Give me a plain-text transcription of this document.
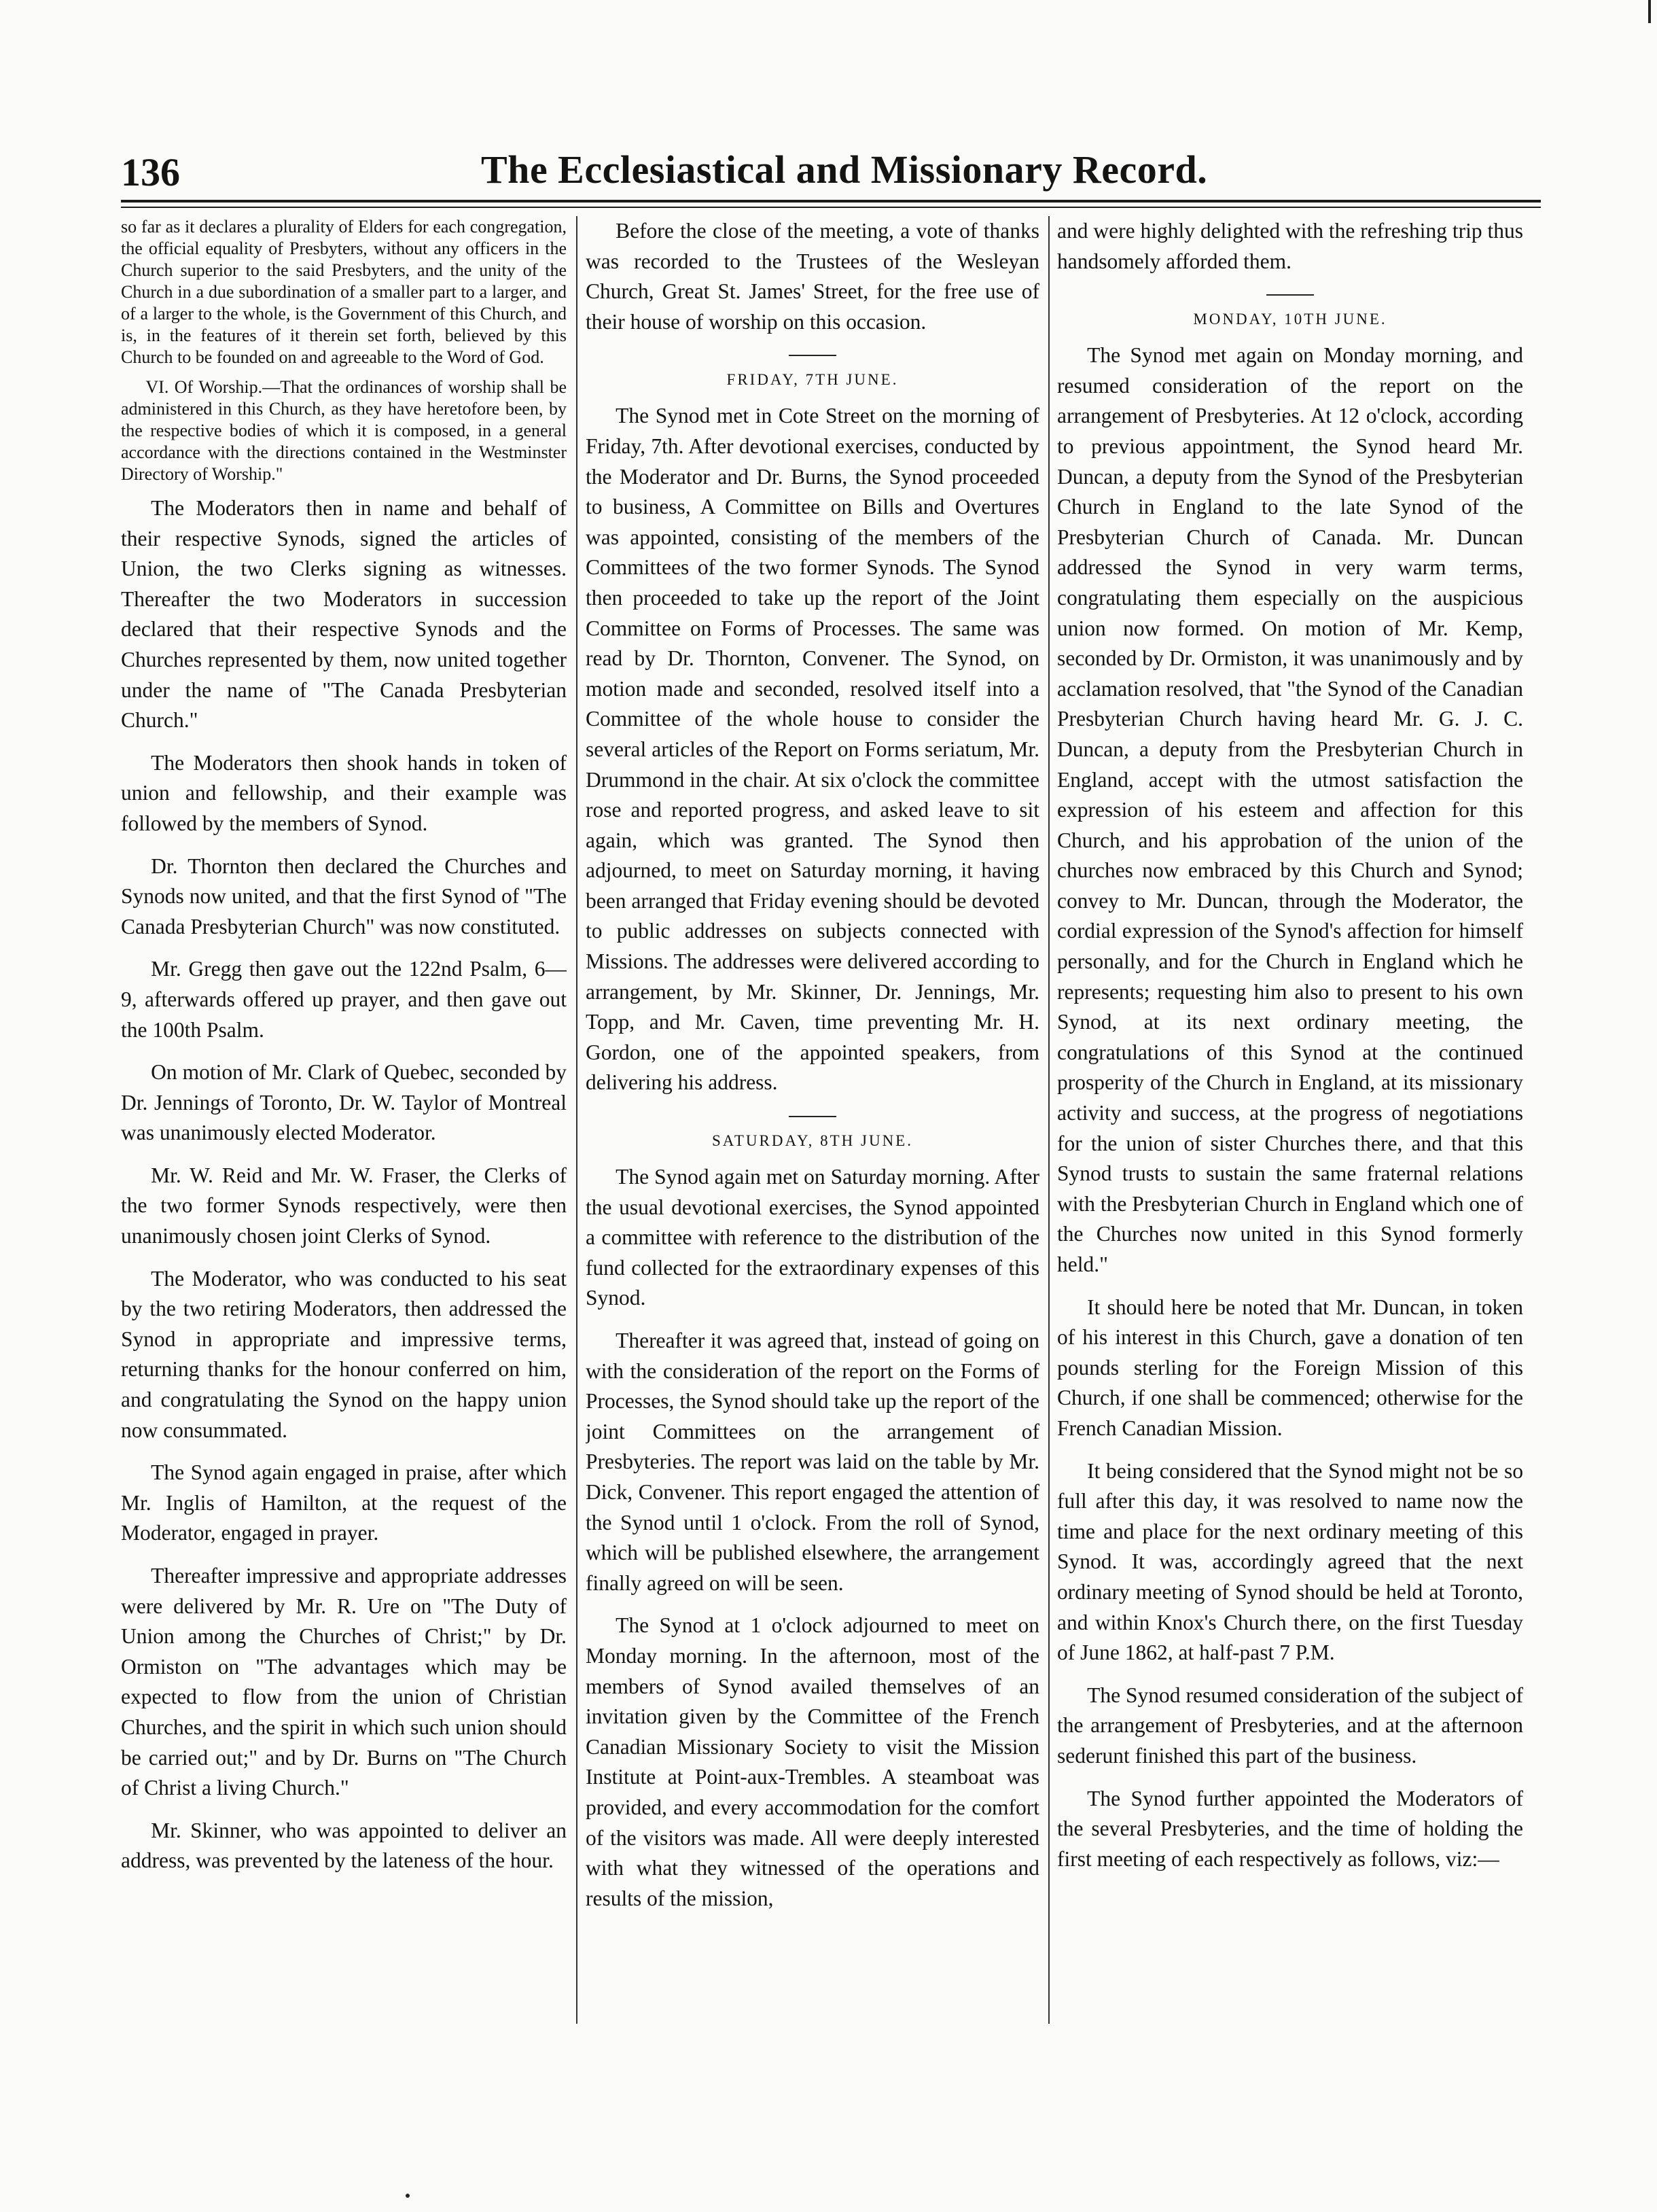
136	The Ecclesiastical and Missionary Record.

so far as it declares a plurality of Elders for each congregation, the official equality of Presbyters, without any officers in the Church superior to the said Presbyters, and the unity of the Church in a due subordination of a smaller part to a larger, and of a larger to the whole, is the Government of this Church, and is, in the features of it therein set forth, believed by this Church to be founded on and agreeable to the Word of God.

VI. Of Worship.—That the ordinances of worship shall be administered in this Church, as they have heretofore been, by the respective bodies of which it is composed, in a general accordance with the directions contained in the Westminster Directory of Worship."

The Moderators then in name and behalf of their respective Synods, signed the articles of Union, the two Clerks signing as witnesses. Thereafter the two Moderators in succession declared that their respective Synods and the Churches represented by them, now united together under the name of "The Canada Presbyterian Church."

The Moderators then shook hands in token of union and fellowship, and their example was followed by the members of Synod.

Dr. Thornton then declared the Churches and Synods now united, and that the first Synod of "The Canada Presbyterian Church" was now constituted.

Mr. Gregg then gave out the 122nd Psalm, 6—9, afterwards offered up prayer, and then gave out the 100th Psalm.

On motion of Mr. Clark of Quebec, seconded by Dr. Jennings of Toronto, Dr. W. Taylor of Montreal was unanimously elected Moderator.

Mr. W. Reid and Mr. W. Fraser, the Clerks of the two former Synods respectively, were then unanimously chosen joint Clerks of Synod.

The Moderator, who was conducted to his seat by the two retiring Moderators, then addressed the Synod in appropriate and impressive terms, returning thanks for the honour conferred on him, and congratulating the Synod on the happy union now consummated.

The Synod again engaged in praise, after which Mr. Inglis of Hamilton, at the request of the Moderator, engaged in prayer.

Thereafter impressive and appropriate addresses were delivered by Mr. R. Ure on "The Duty of Union among the Churches of Christ;" by Dr. Ormiston on "The advantages which may be expected to flow from the union of Christian Churches, and the spirit in which such union should be carried out;" and by Dr. Burns on "The Church of Christ a living Church."

Mr. Skinner, who was appointed to deliver an address, was prevented by the lateness of the hour.

Before the close of the meeting, a vote of thanks was recorded to the Trustees of the Wesleyan Church, Great St. James' Street, for the free use of their house of worship on this occasion.

FRIDAY, 7TH JUNE.

The Synod met in Cote Street on the morning of Friday, 7th. After devotional exercises, conducted by the Moderator and Dr. Burns, the Synod proceeded to business, A Committee on Bills and Overtures was appointed, consisting of the members of the Committees of the two former Synods. The Synod then proceeded to take up the report of the Joint Committee on Forms of Processes. The same was read by Dr. Thornton, Convener. The Synod, on motion made and seconded, resolved itself into a Committee of the whole house to consider the several articles of the Report on Forms seriatum, Mr. Drummond in the chair. At six o'clock the committee rose and reported progress, and asked leave to sit again, which was granted. The Synod then adjourned, to meet on Saturday morning, it having been arranged that Friday evening should be devoted to public addresses on subjects connected with Missions. The addresses were delivered according to arrangement, by Mr. Skinner, Dr. Jennings, Mr. Topp, and Mr. Caven, time preventing Mr. H. Gordon, one of the appointed speakers, from delivering his address.

SATURDAY, 8TH JUNE.

The Synod again met on Saturday morning. After the usual devotional exercises, the Synod appointed a committee with reference to the distribution of the fund collected for the extraordinary expenses of this Synod.

Thereafter it was agreed that, instead of going on with the consideration of the report on the Forms of Processes, the Synod should take up the report of the joint Committees on the arrangement of Presbyteries. The report was laid on the table by Mr. Dick, Convener. This report engaged the attention of the Synod until 1 o'clock. From the roll of Synod, which will be published elsewhere, the arrangement finally agreed on will be seen.

The Synod at 1 o'clock adjourned to meet on Monday morning. In the afternoon, most of the members of Synod availed themselves of an invitation given by the Committee of the French Canadian Missionary Society to visit the Mission Institute at Point-aux-Trembles. A steamboat was provided, and every accommodation for the comfort of the visitors was made. All were deeply interested with what they witnessed of the operations and results of the mission,

and were highly delighted with the refreshing trip thus handsomely afforded them.

MONDAY, 10TH JUNE.

The Synod met again on Monday morning, and resumed consideration of the report on the arrangement of Presbyteries. At 12 o'clock, according to previous appointment, the Synod heard Mr. Duncan, a deputy from the Synod of the Presbyterian Church in England to the late Synod of the Presbyterian Church of Canada. Mr. Duncan addressed the Synod in very warm terms, congratulating them especially on the auspicious union now formed. On motion of Mr. Kemp, seconded by Dr. Ormiston, it was unanimously and by acclamation resolved, that "the Synod of the Canadian Presbyterian Church having heard Mr. G. J. C. Duncan, a deputy from the Presbyterian Church in England, accept with the utmost satisfaction the expression of his esteem and affection for this Church, and his approbation of the union of the churches now embraced by this Church and Synod; convey to Mr. Duncan, through the Moderator, the cordial expression of the Synod's affection for himself personally, and for the Church in England which he represents; requesting him also to present to his own Synod, at its next ordinary meeting, the congratulations of this Synod at the continued prosperity of the Church in England, at its missionary activity and success, at the progress of negotiations for the union of sister Churches there, and that this Synod trusts to sustain the same fraternal relations with the Presbyterian Church in England which one of the Churches now united in this Synod formerly held."

It should here be noted that Mr. Duncan, in token of his interest in this Church, gave a donation of ten pounds sterling for the Foreign Mission of this Church, if one shall be commenced; otherwise for the French Canadian Mission.

It being considered that the Synod might not be so full after this day, it was resolved to name now the time and place for the next ordinary meeting of this Synod. It was, accordingly agreed that the next ordinary meeting of Synod should be held at Toronto, and within Knox's Church there, on the first Tuesday of June 1862, at half-past 7 P.M.

The Synod resumed consideration of the subject of the arrangement of Presbyteries, and at the afternoon sederunt finished this part of the business.

The Synod further appointed the Moderators of the several Presbyteries, and the time of holding the first meeting of each respectively as follows, viz:—
